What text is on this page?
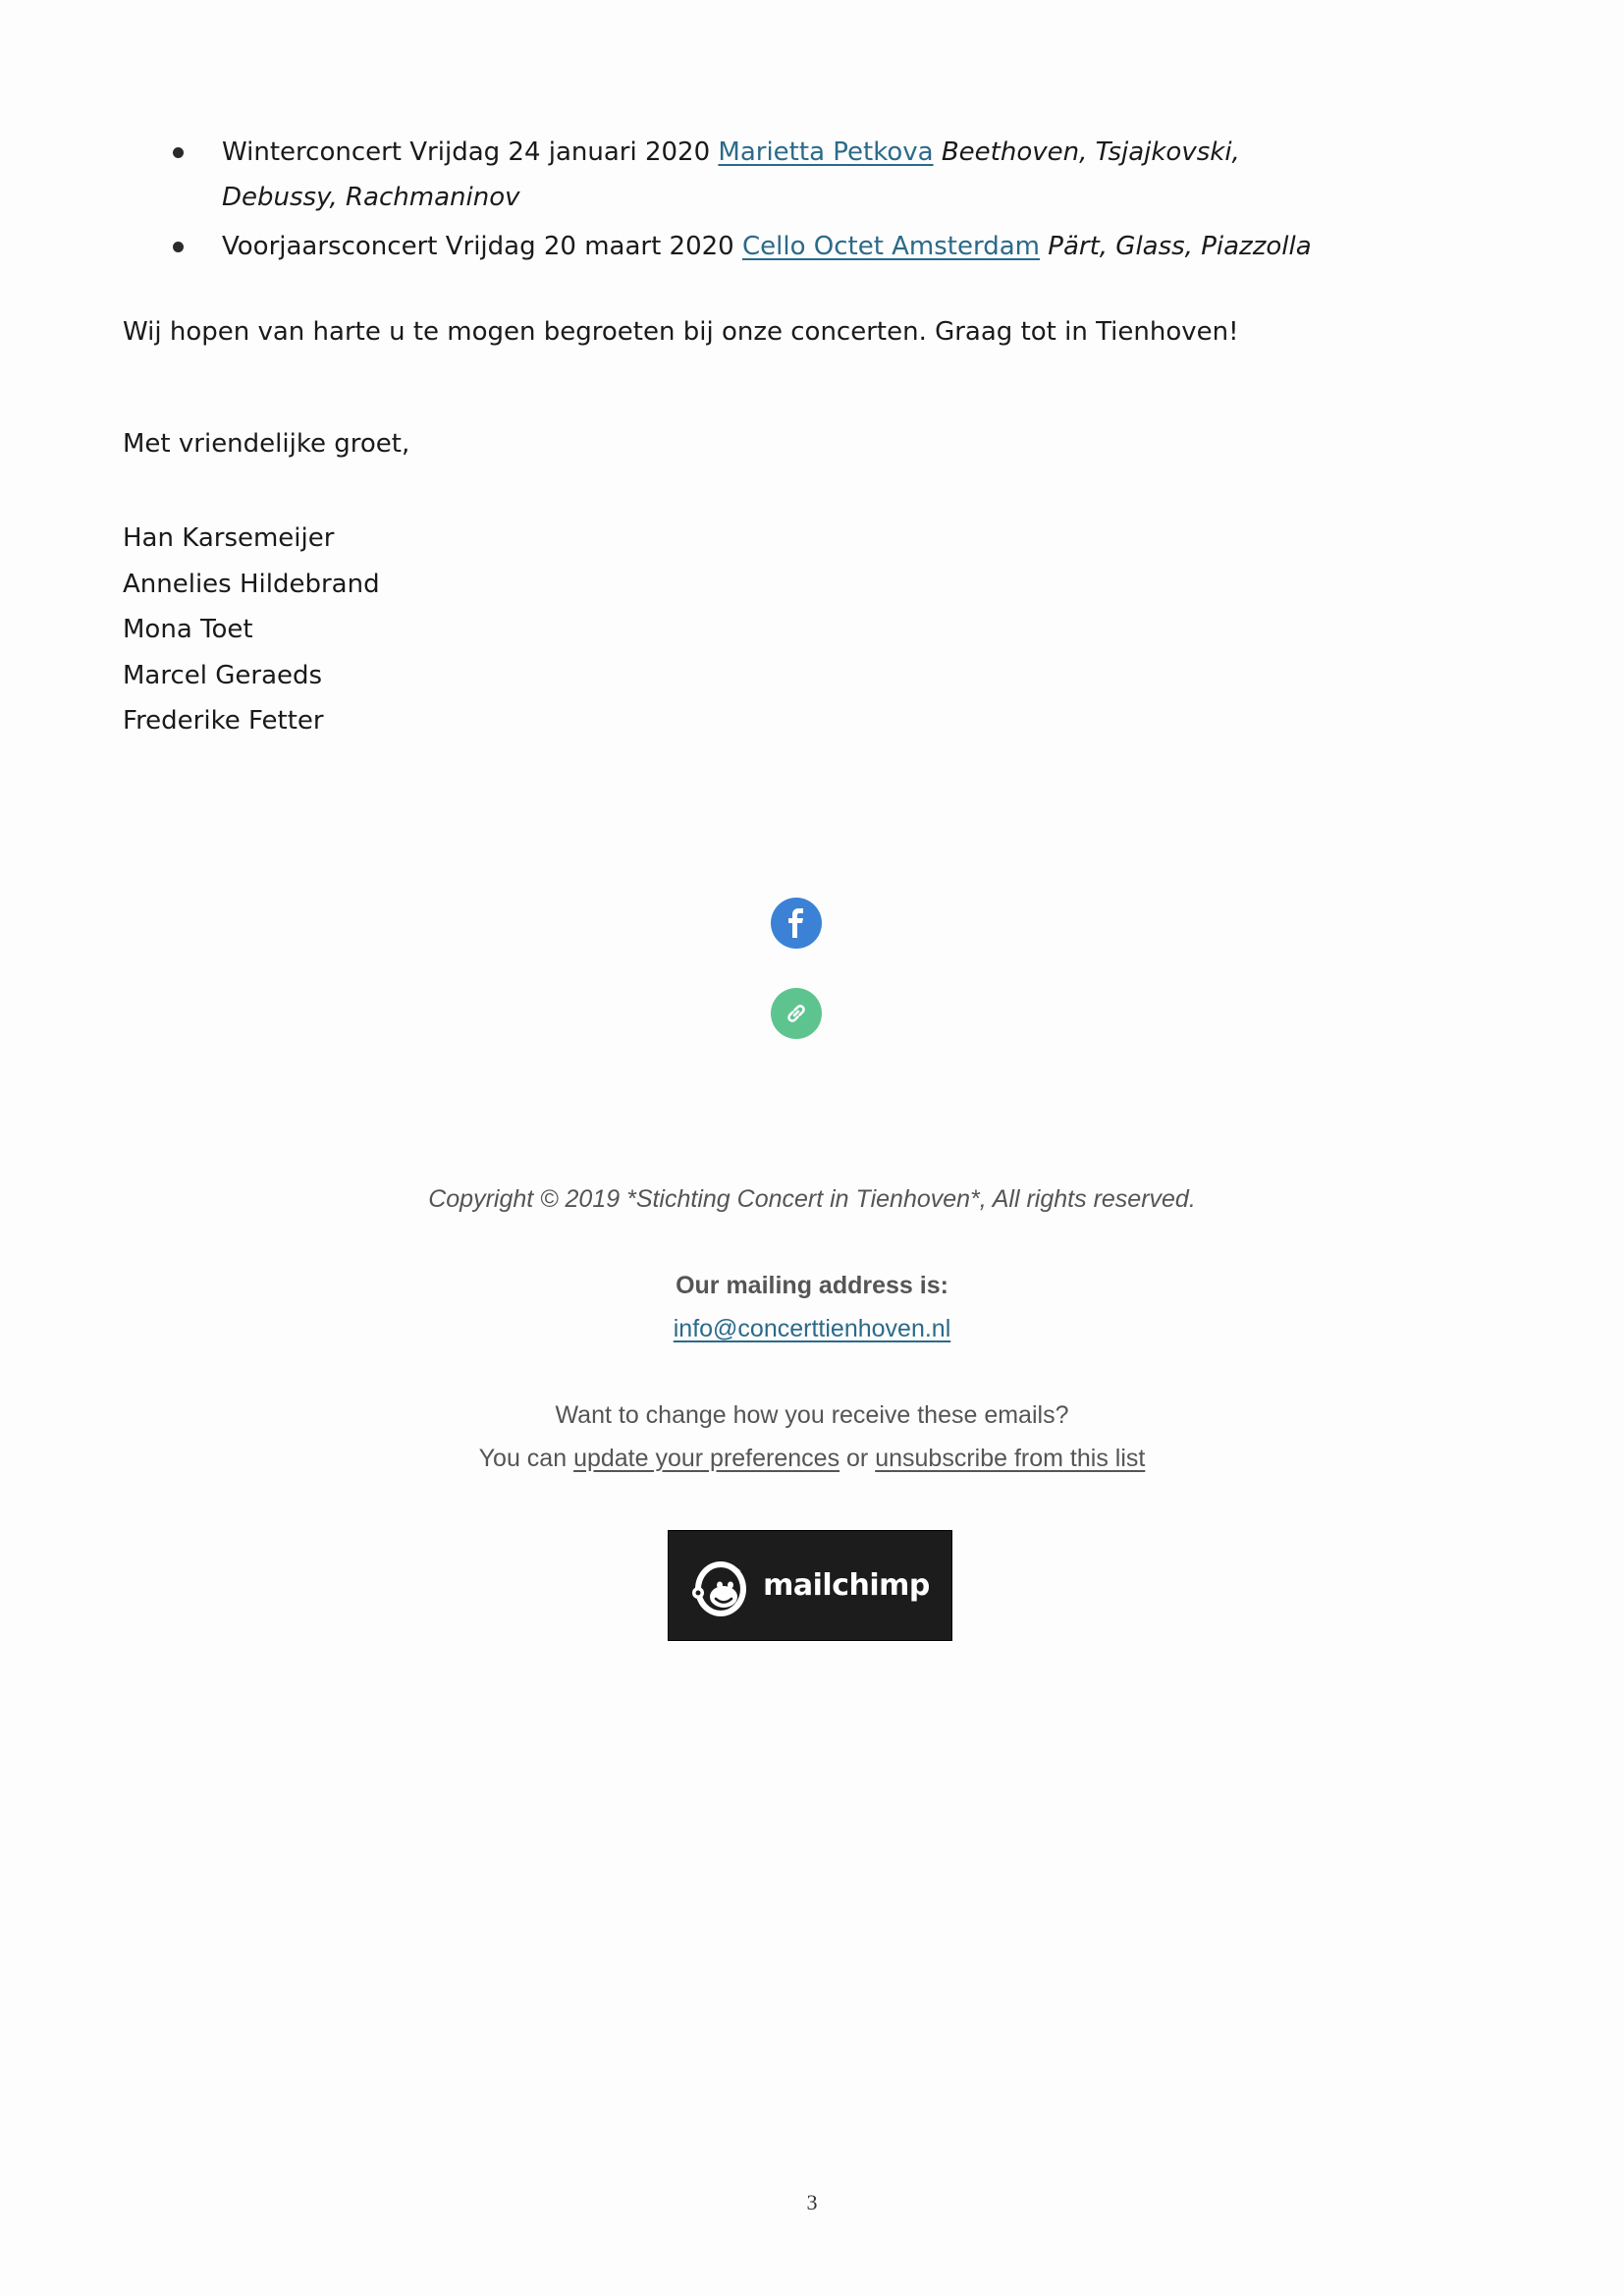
Winterconcert Vrijdag 24 januari 2020 Marietta Petkova Beethoven, Tsjajkovski,
Debussy, Rachmaninov
Voorjaarsconcert Vrijdag 20 maart 2020 Cello Octet Amsterdam Pärt, Glass, Piazzolla

Wij hopen van harte u te mogen begroeten bij onze concerten. Graag tot in Tienhoven!

Met vriendelijke groet,

Han Karsemeijer
Annelies Hildebrand
Mona Toet
Marcel Geraeds
Frederike Fetter

Copyright © 2019 *Stichting Concert in Tienhoven*, All rights reserved.

Our mailing address is:

info@concerttienhoven.nl

Want to change how you receive these emails?

You can update your preferences or unsubscribe from this list

mailchimp
3
